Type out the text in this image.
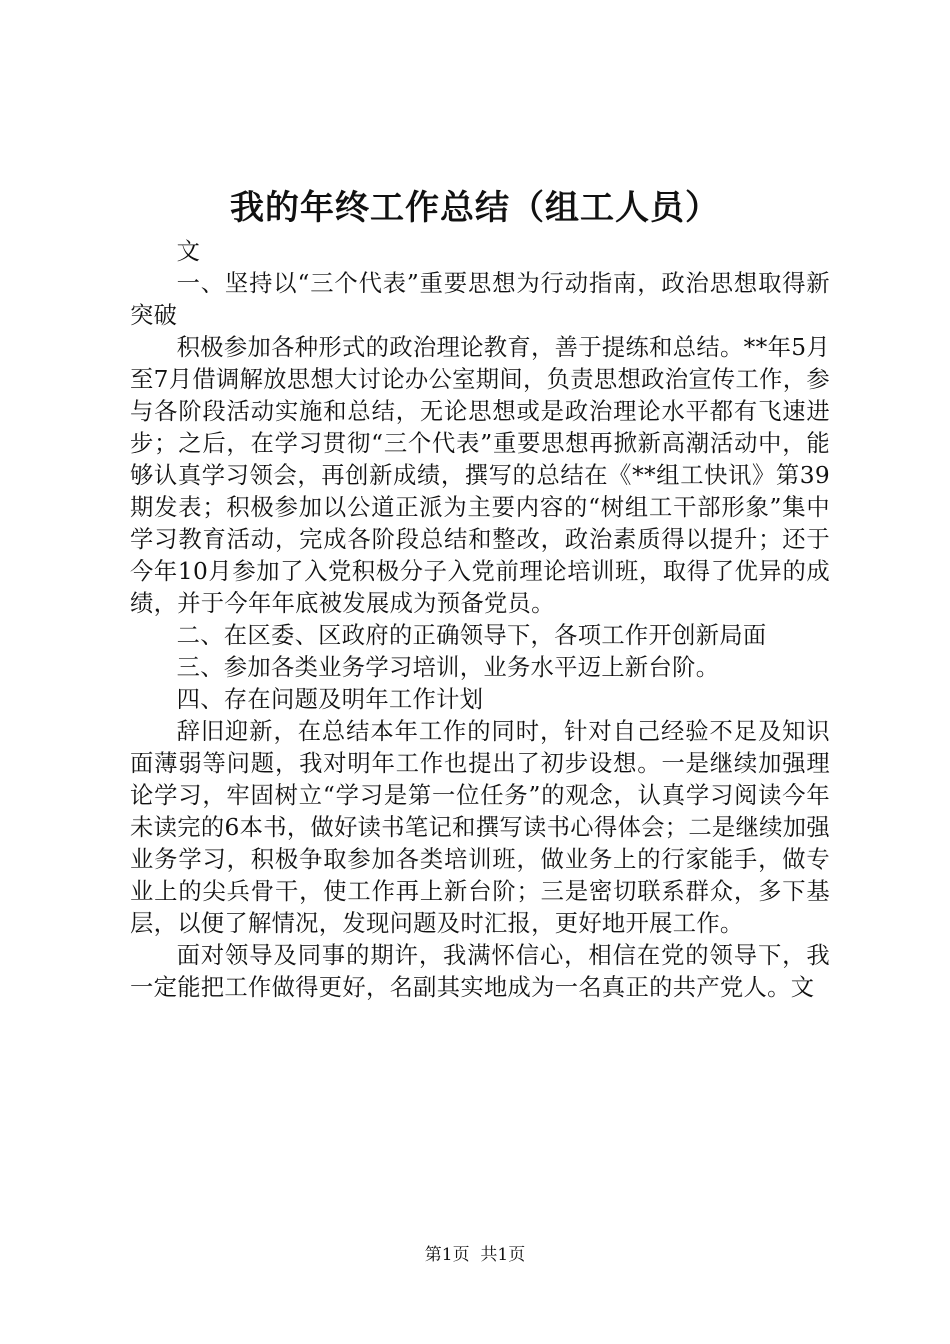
我的年终工作总结（组工人员）

文

一、坚持以“三个代表”重要思想为行动指南，政治思想取得新突破

积极参加各种形式的政治理论教育，善于提练和总结。**年5月至7月借调解放思想大讨论办公室期间，负责思想政治宣传工作，参与各阶段活动实施和总结，无论思想或是政治理论水平都有飞速进步；之后，在学习贯彻“三个代表”重要思想再掀新高潮活动中，能够认真学习领会，再创新成绩，撰写的总结在《**组工快讯》第39期发表；积极参加以公道正派为主要内容的“树组工干部形象”集中学习教育活动，完成各阶段总结和整改，政治素质得以提升；还于今年10月参加了入党积极分子入党前理论培训班，取得了优异的成绩，并于今年年底被发展成为预备党员。

二、在区委、区政府的正确领导下，各项工作开创新局面

三、参加各类业务学习培训，业务水平迈上新台阶。

四、存在问题及明年工作计划

辞旧迎新，在总结本年工作的同时，针对自己经验不足及知识面薄弱等问题，我对明年工作也提出了初步设想。一是继续加强理论学习，牢固树立“学习是第一位任务”的观念，认真学习阅读今年未读完的6本书，做好读书笔记和撰写读书心得体会；二是继续加强业务学习，积极争取参加各类培训班，做业务上的行家能手，做专业上的尖兵骨干，使工作再上新台阶；三是密切联系群众，多下基层，以便了解情况，发现问题及时汇报，更好地开展工作。

面对领导及同事的期许，我满怀信心，相信在党的领导下，我一定能把工作做得更好，名副其实地成为一名真正的共产党人。文

第1页  共1页
